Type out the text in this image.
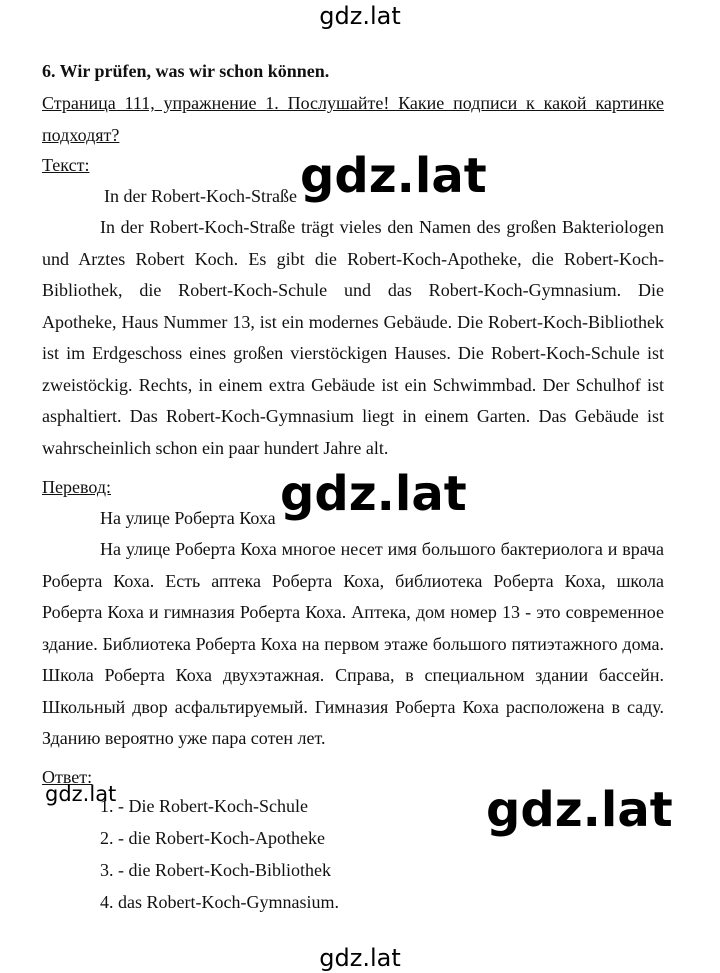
gdz.lat
6. Wir prüfen, was wir schon können.
Страница 111, упражнение 1. Послушайте! Какие подписи к какой картинке подходят?
Текст:
In der Robert-Koch-Straße
In der Robert-Koch-Straße trägt vieles den Namen des großen Bakteriologen und Arztes Robert Koch. Es gibt die Robert-Koch-Apotheke, die Robert-Koch-Bibliothek, die Robert-Koch-Schule und das Robert-Koch-Gymnasium. Die Apotheke, Haus Nummer 13, ist ein modernes Gebäude. Die Robert-Koch-Bibliothek ist im Erdgeschoss eines großen vierstöckigen Hauses. Die Robert-Koch-Schule ist zweistöckig. Rechts, in einem extra Gebäude ist ein Schwimmbad. Der Schulhof ist asphaltiert. Das Robert-Koch-Gymnasium liegt in einem Garten. Das Gebäude ist wahrscheinlich schon ein paar hundert Jahre alt.
Перевод:
На улице Роберта Коха
На улице Роберта Коха многое несет имя большого бактериолога и врача Роберта Коха. Есть аптека Роберта Коха, библиотека Роберта Коха, школа Роберта Коха и гимназия Роберта Коха. Аптека, дом номер 13 - это современное здание. Библиотека Роберта Коха на первом этаже большого пятиэтажного дома. Школа Роберта Коха двухэтажная. Справа, в специальном здании бассейн. Школьный двор асфальтируемый. Гимназия Роберта Коха расположена в саду. Зданию вероятно уже пара сотен лет.
Ответ:
1. - Die Robert-Koch-Schule
2. - die Robert-Koch-Apotheke
3. - die Robert-Koch-Bibliothek
4. das Robert-Koch-Gymnasium.
gdz.lat
gdz.lat
gdz.lat	gdz.lat
gdz.lat
